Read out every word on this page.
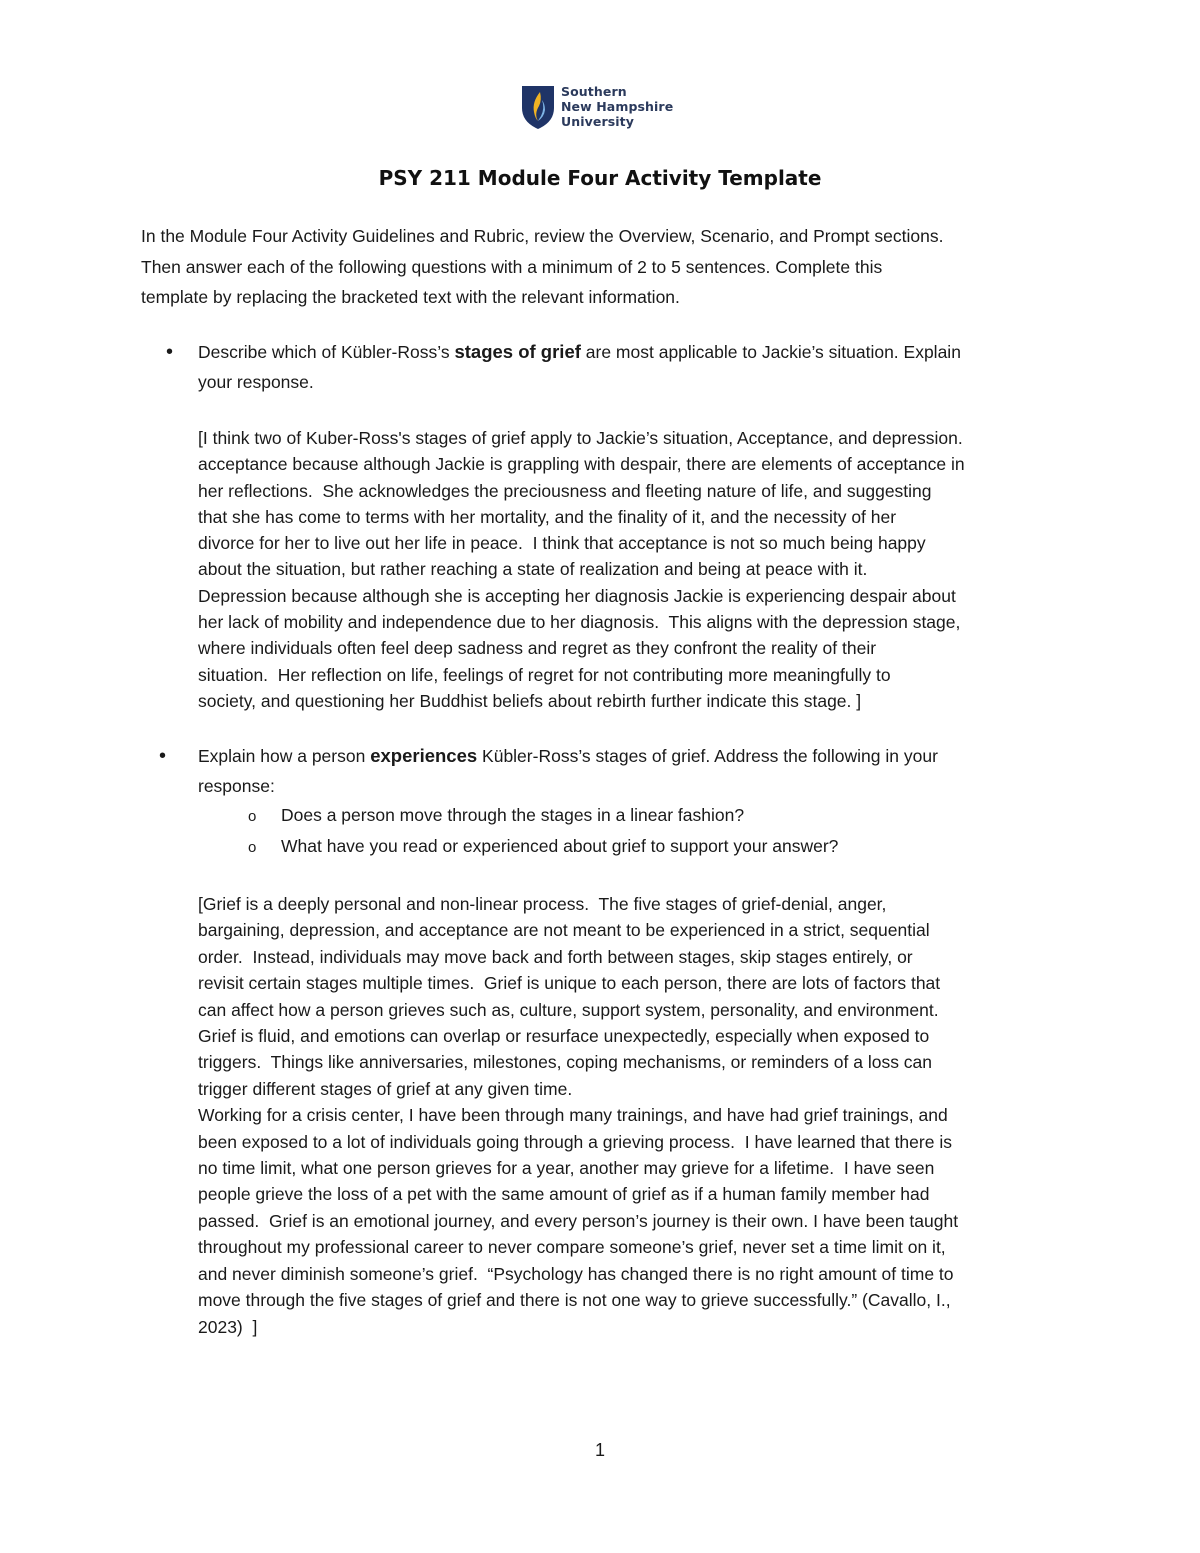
Southern
New Hampshire
University
PSY 211 Module Four Activity Template
In the Module Four Activity Guidelines and Rubric, review the Overview, Scenario, and Prompt sections.
Then answer each of the following questions with a minimum of 2 to 5 sentences. Complete this
template by replacing the bracketed text with the relevant information.
• Describe which of Kübler-Ross’s stages of grief are most applicable to Jackie’s situation. Explain
your response.
[I think two of Kuber-Ross's stages of grief apply to Jackie’s situation, Acceptance, and depression.
acceptance because although Jackie is grappling with despair, there are elements of acceptance in
her reflections.  She acknowledges the preciousness and fleeting nature of life, and suggesting
that she has come to terms with her mortality, and the finality of it, and the necessity of her
divorce for her to live out her life in peace.  I think that acceptance is not so much being happy
about the situation, but rather reaching a state of realization and being at peace with it.
Depression because although she is accepting her diagnosis Jackie is experiencing despair about
her lack of mobility and independence due to her diagnosis.  This aligns with the depression stage,
where individuals often feel deep sadness and regret as they confront the reality of their
situation.  Her reflection on life, feelings of regret for not contributing more meaningfully to
society, and questioning her Buddhist beliefs about rebirth further indicate this stage. ]
• Explain how a person experiences Kübler-Ross’s stages of grief. Address the following in your
response:
o Does a person move through the stages in a linear fashion?
o What have you read or experienced about grief to support your answer?
[Grief is a deeply personal and non-linear process.  The five stages of grief-denial, anger,
bargaining, depression, and acceptance are not meant to be experienced in a strict, sequential
order.  Instead, individuals may move back and forth between stages, skip stages entirely, or
revisit certain stages multiple times.  Grief is unique to each person, there are lots of factors that
can affect how a person grieves such as, culture, support system, personality, and environment.
Grief is fluid, and emotions can overlap or resurface unexpectedly, especially when exposed to
triggers.  Things like anniversaries, milestones, coping mechanisms, or reminders of a loss can
trigger different stages of grief at any given time.
Working for a crisis center, I have been through many trainings, and have had grief trainings, and
been exposed to a lot of individuals going through a grieving process.  I have learned that there is
no time limit, what one person grieves for a year, another may grieve for a lifetime.  I have seen
people grieve the loss of a pet with the same amount of grief as if a human family member had
passed.  Grief is an emotional journey, and every person’s journey is their own. I have been taught
throughout my professional career to never compare someone’s grief, never set a time limit on it,
and never diminish someone’s grief.  “Psychology has changed there is no right amount of time to
move through the five stages of grief and there is not one way to grieve successfully.” (Cavallo, I.,
2023)  ]
1
